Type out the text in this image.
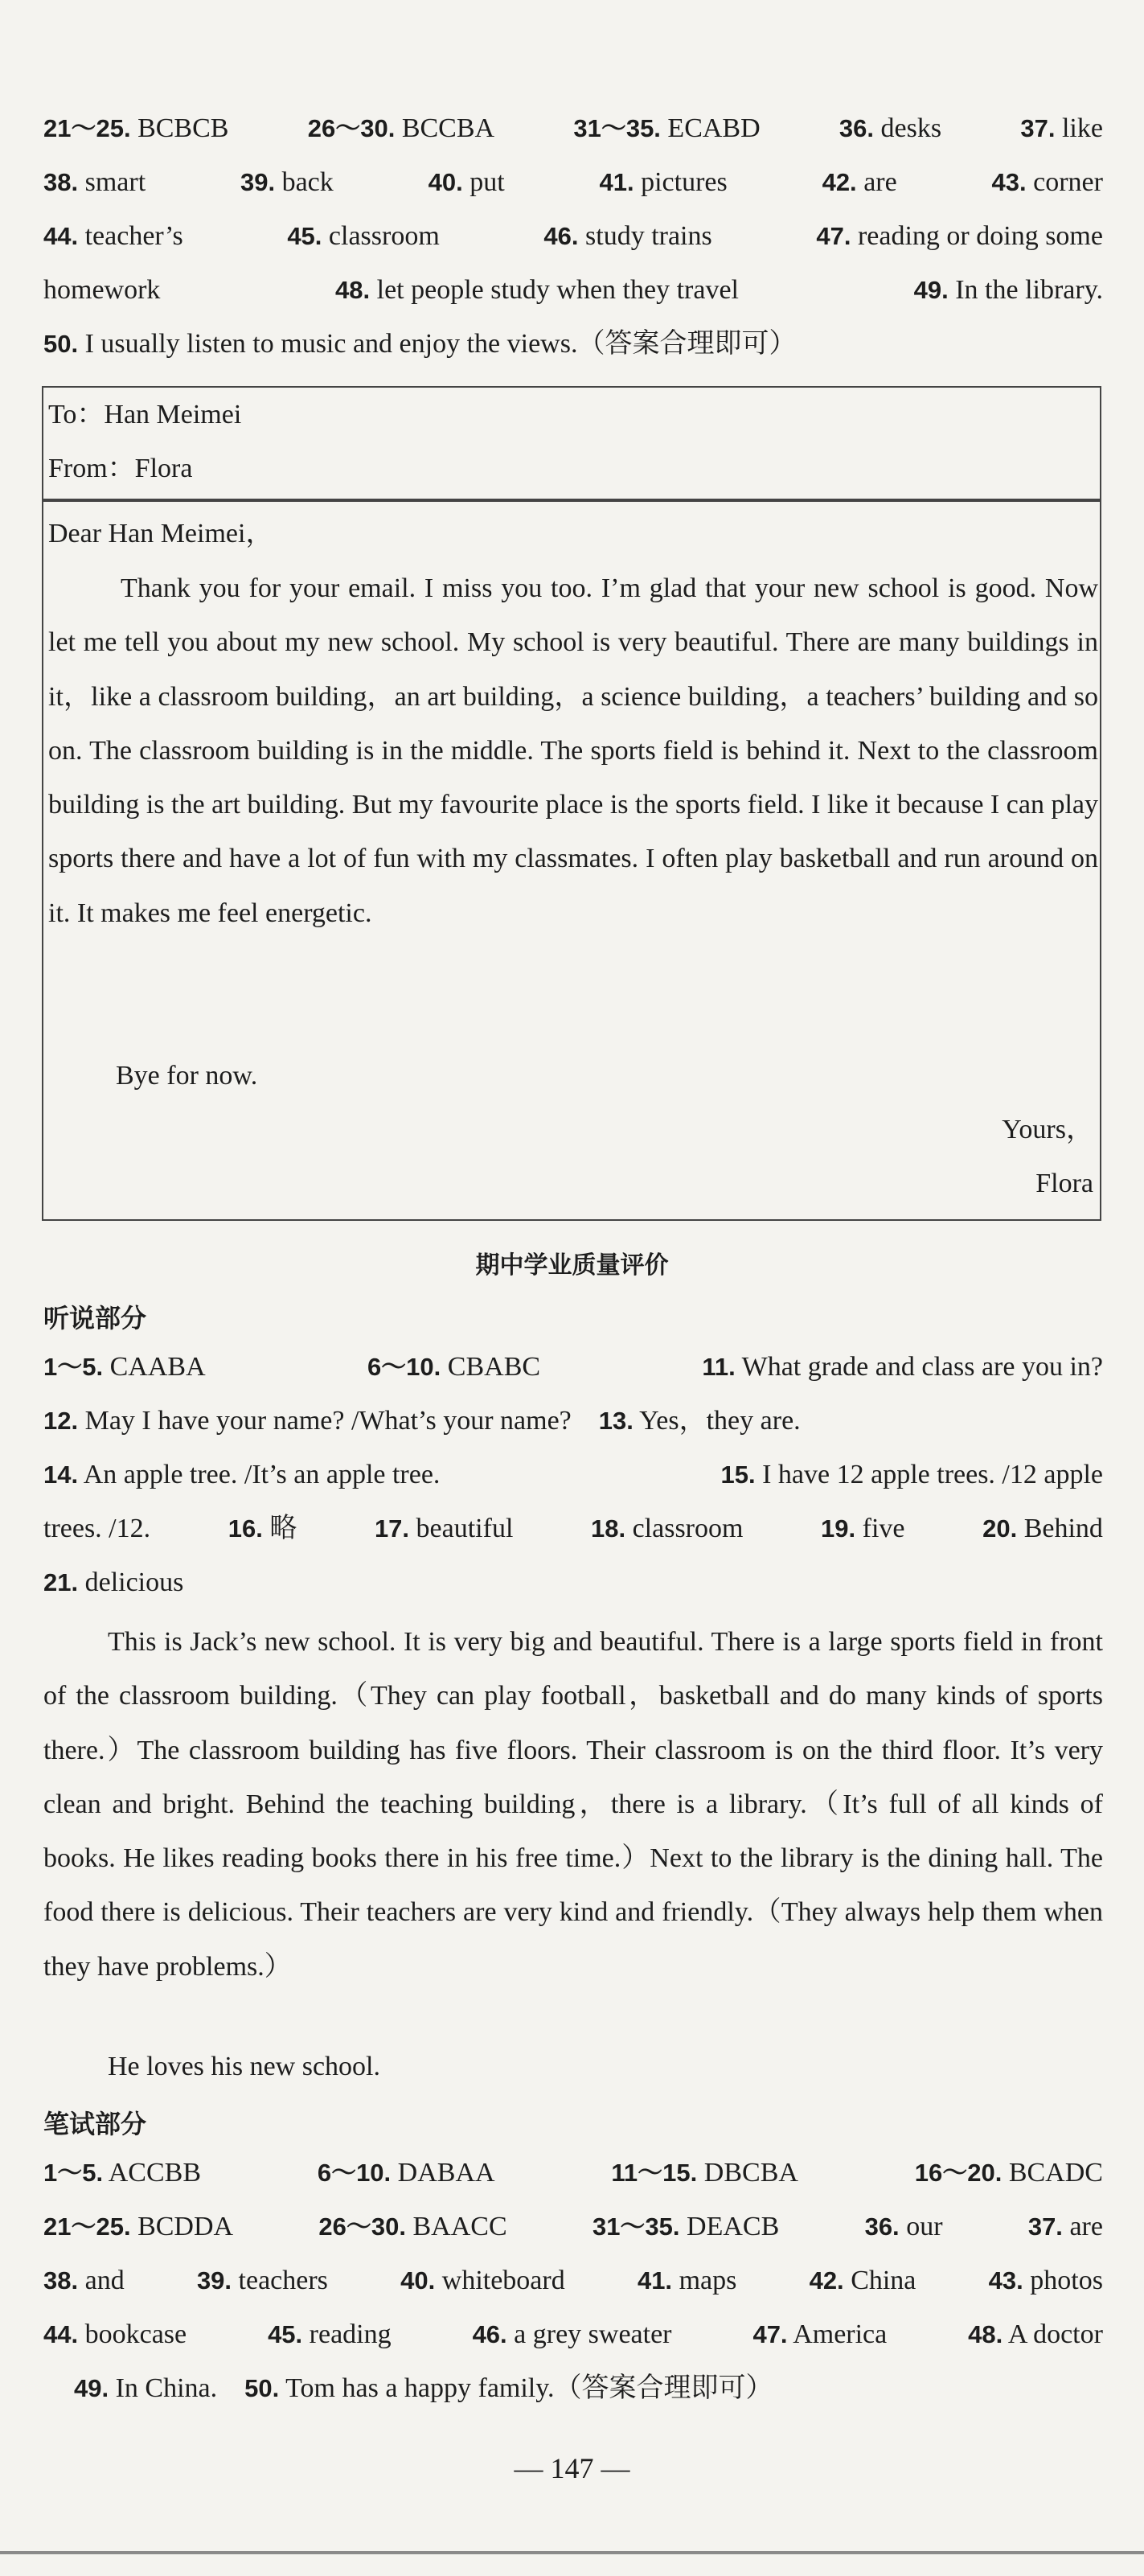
21～25. BCBCB	26～30. BCCBA	31～35. ECABD	36. desks	37. like
38. smart	39. back	40. put	41. pictures	42. are	43. corner
44. teacher’s	45. classroom	46. study trains	47. reading or doing some
homework	48. let people study when they travel	49. In the library.
50. I usually listen to music and enjoy the views.（答案合理即可）
To：Han Meimei
From：Flora
Dear Han Meimei，
Thank you for your email. I miss you too. I’m glad that your new school is good. Now let me tell you about my new school. My school is very beautiful. There are many buildings in it，like a classroom building，an art building，a science building，a teachers’ building and so on. The classroom building is in the middle. The sports field is behind it. Next to the classroom building is the art building. But my favourite place is the sports field. I like it because I can play sports there and have a lot of fun with my classmates. I often play basketball and run around on it. It makes me feel energetic.
Bye for now.
Yours，
Flora
期中学业质量评价
听说部分
1～5. CAABA	6～10. CBABC	11. What grade and class are you in?
12. May I have your name? /What’s your name? 13. Yes，they are.
14. An apple tree. /It’s an apple tree.	15. I have 12 apple trees. /12 apple
trees. /12.	16. 略	17. beautiful	18. classroom	19. five	20. Behind
21. delicious
This is Jack’s new school. It is very big and beautiful. There is a large sports field in front of the classroom building.（They can play football，basketball and do many kinds of sports there.）The classroom building has five floors. Their classroom is on the third floor. It’s very clean and bright. Behind the teaching building，there is a library.（It’s full of all kinds of books. He likes reading books there in his free time.）Next to the library is the dining hall. The food there is delicious. Their teachers are very kind and friendly.（They always help them when they have problems.）
He loves his new school.
笔试部分
1～5. ACCBB	6～10. DABAA	11～15. DBCBA	16～20. BCADC
21～25. BCDDA	26～30. BAACC	31～35. DEACB	36. our	37. are
38. and	39. teachers	40. whiteboard	41. maps	42. China	43. photos
44. bookcase	45. reading	46. a grey sweater	47. America	48. A doctor
49. In China. 50. Tom has a happy family.（答案合理即可）
— 147 —
